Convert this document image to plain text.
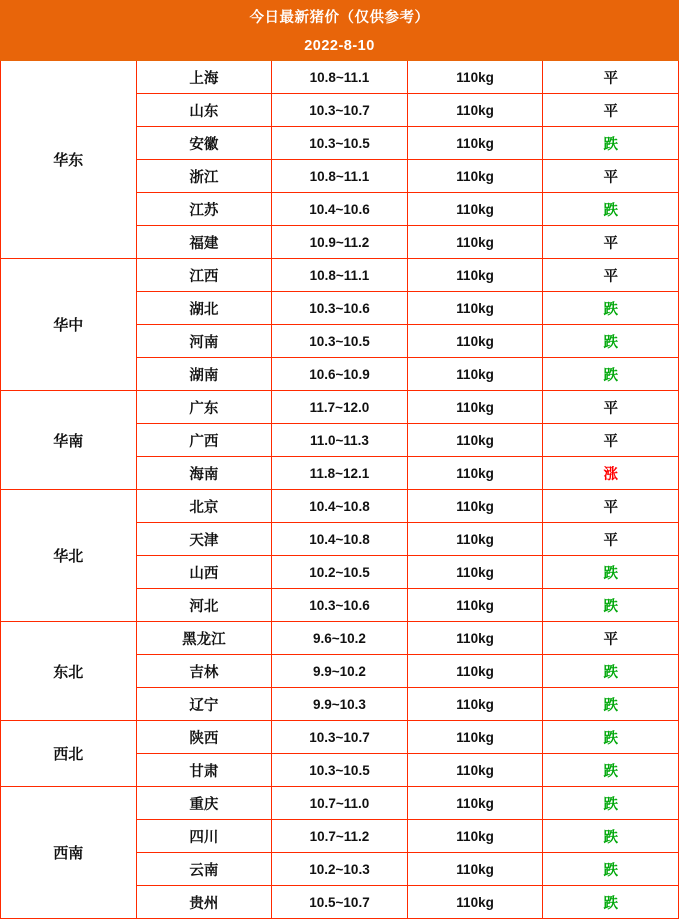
今日最新猪价（仅供参考）				
2022-8-10				
华东	上海	10.8~11.1	110kg	平
	山东	10.3~10.7	110kg	平
	安徽	10.3~10.5	110kg	跌
	浙江	10.8~11.1	110kg	平
	江苏	10.4~10.6	110kg	跌
	福建	10.9~11.2	110kg	平
华中	江西	10.8~11.1	110kg	平
	湖北	10.3~10.6	110kg	跌
	河南	10.3~10.5	110kg	跌
	湖南	10.6~10.9	110kg	跌
华南	广东	11.7~12.0	110kg	平
	广西	11.0~11.3	110kg	平
	海南	11.8~12.1	110kg	涨
华北	北京	10.4~10.8	110kg	平
	天津	10.4~10.8	110kg	平
	山西	10.2~10.5	110kg	跌
	河北	10.3~10.6	110kg	跌
东北	黑龙江	9.6~10.2	110kg	平
	吉林	9.9~10.2	110kg	跌
	辽宁	9.9~10.3	110kg	跌
西北	陕西	10.3~10.7	110kg	跌
	甘肃	10.3~10.5	110kg	跌
西南	重庆	10.7~11.0	110kg	跌
	四川	10.7~11.2	110kg	跌
	云南	10.2~10.3	110kg	跌
	贵州	10.5~10.7	110kg	跌
